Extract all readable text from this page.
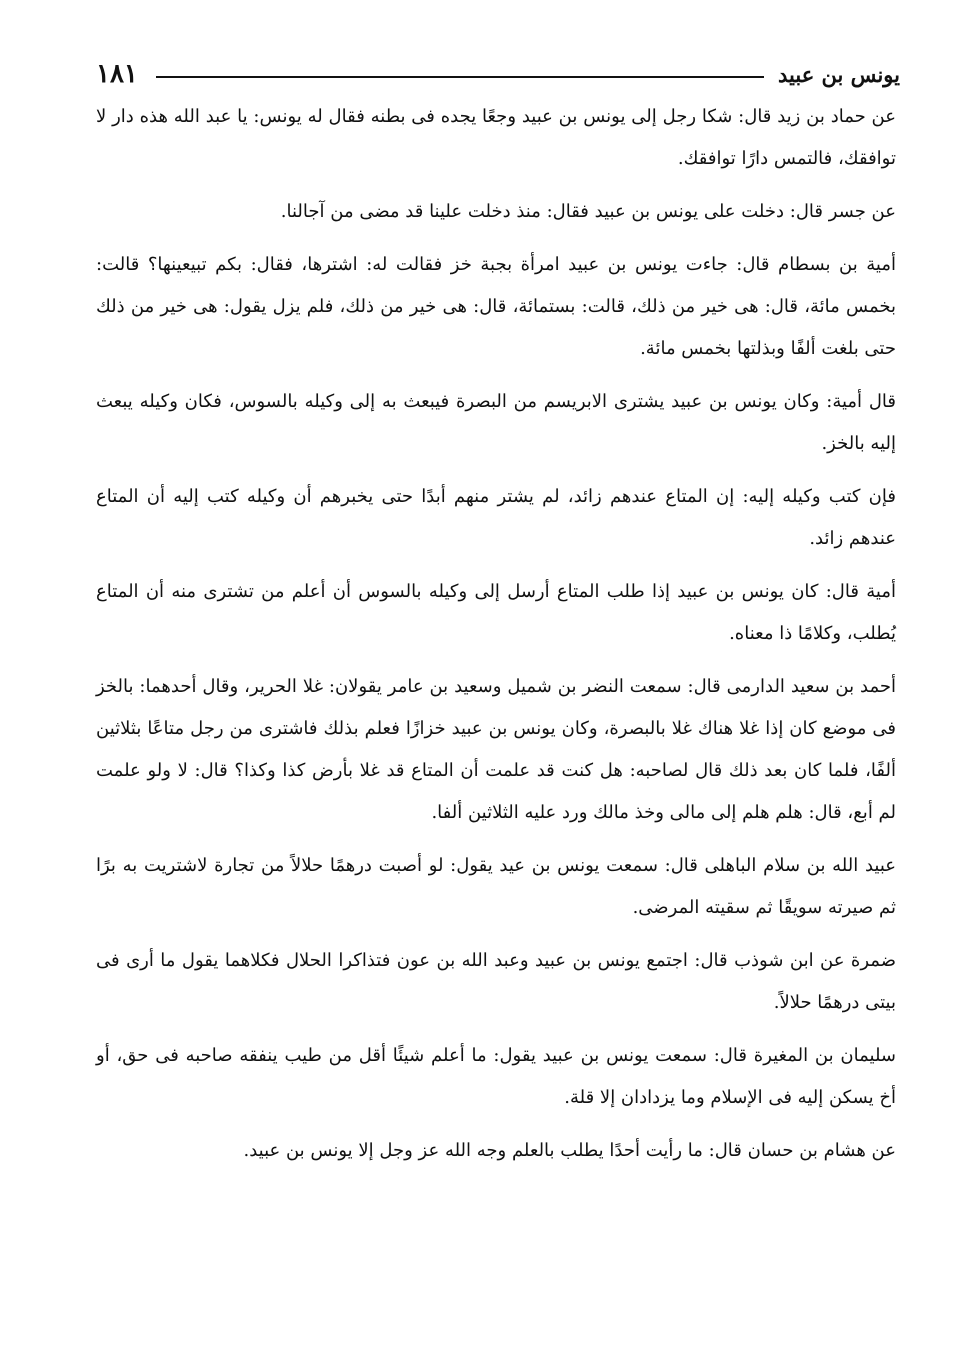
يونس بن عبيد
١٨١

عن حماد بن زيد قال: شكا رجل إلى يونس بن عبيد وجعًا يجده فى بطنه فقال له يونس: يا عبد الله هذه دار لا توافقك، فالتمس دارًا توافقك.

عن جسر قال: دخلت على يونس بن عبيد فقال: منذ دخلت علينا قد مضى من آجالنا.

أمية بن بسطام قال: جاءت يونس بن عبيد امرأة بجبة خز فقالت له: اشترها، فقال: بكم تبيعينها؟ قالت: بخمس مائة، قال: هى خير من ذلك، قالت: بستمائة، قال: هى خير من ذلك، فلم يزل يقول: هى خير من ذلك حتى بلغت ألفًا وبذلتها بخمس مائة.

قال أمية: وكان يونس بن عبيد يشترى الابريسم من البصرة فيبعث به إلى وكيله بالسوس، فكان وكيله يبعث إليه بالخز.

فإن كتب وكيله إليه: إن المتاع عندهم زائد، لم يشتر منهم أبدًا حتى يخبرهم أن وكيله كتب إليه أن المتاع عندهم زائد.

أمية قال: كان يونس بن عبيد إذا طلب المتاع أرسل إلى وكيله بالسوس أن أعلم من تشترى منه أن المتاع يُطلب، وكلامًا ذا معناه.

أحمد بن سعيد الدارمى قال: سمعت النضر بن شميل وسعيد بن عامر يقولان: غلا الحرير، وقال أحدهما: بالخز فى موضع كان إذا غلا هناك غلا بالبصرة، وكان يونس بن عبيد خزازًا فعلم بذلك فاشترى من رجل متاعًا بثلاثين ألفًا، فلما كان بعد ذلك قال لصاحبه: هل كنت قد علمت أن المتاع قد غلا بأرض كذا وكذا؟ قال: لا ولو علمت لم أبع، قال: هلم هلم إلى مالى وخذ مالك ورد عليه الثلاثين ألفا.

عبيد الله بن سلام الباهلى قال: سمعت يونس بن عيد يقول: لو أصبت درهمًا حلالاً من تجارة لاشتريت به برًا ثم صيرته سويقًا ثم سقيته المرضى.

ضمرة عن ابن شوذب قال: اجتمع يونس بن عبيد وعبد الله بن عون فتذاكرا الحلال فكلاهما يقول ما أرى فى بيتى درهمًا حلالاً.

سليمان بن المغيرة قال: سمعت يونس بن عبيد يقول: ما أعلم شيئًا أقل من طيب ينفقه صاحبه فى حق، أو أخ يسكن إليه فى الإسلام وما يزدادان إلا قلة.

عن هشام بن حسان قال: ما رأيت أحدًا يطلب بالعلم وجه الله عز وجل إلا يونس بن عبيد.
